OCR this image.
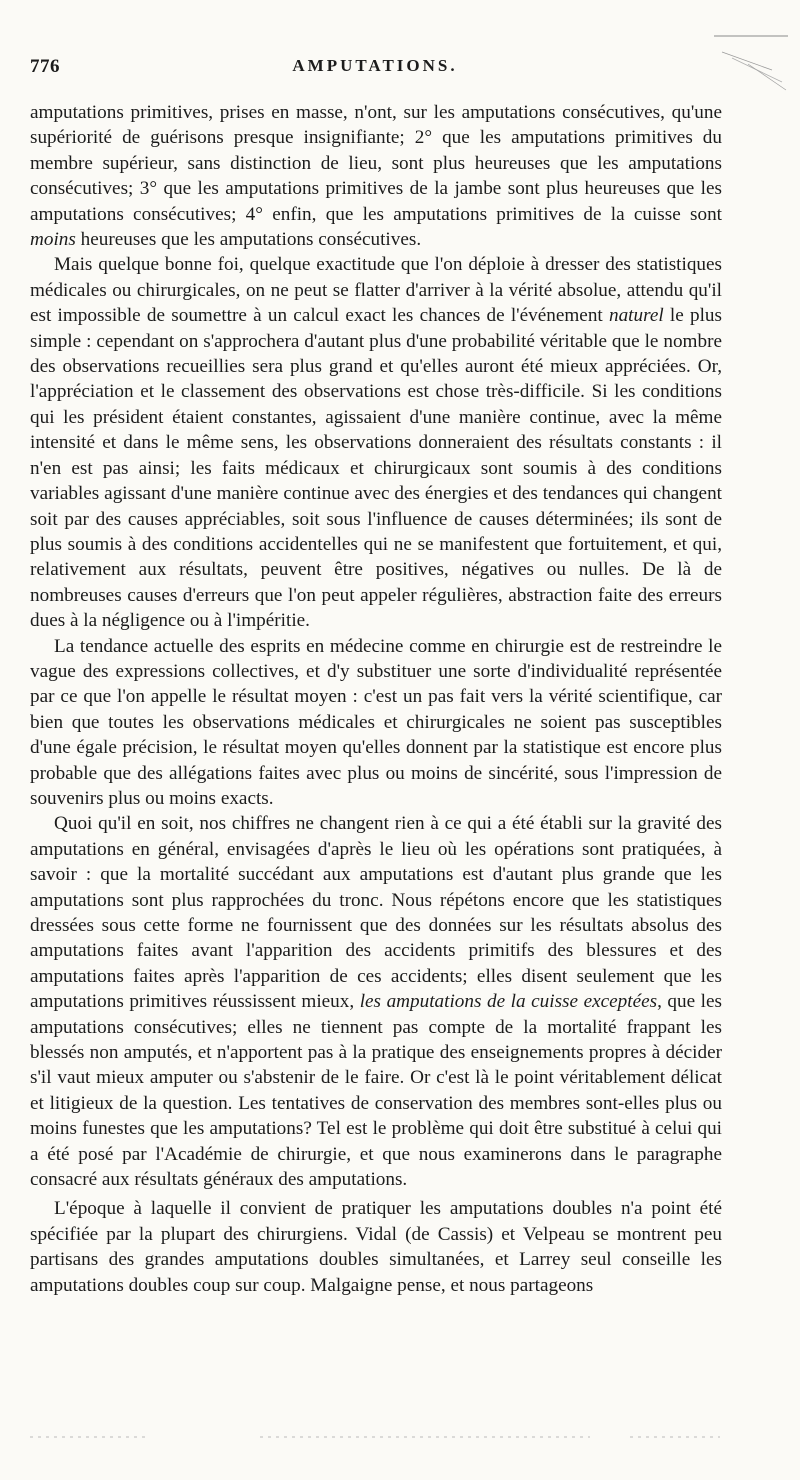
776	AMPUTATIONS.

amputations primitives, prises en masse, n'ont, sur les amputations consécutives, qu'une supériorité de guérisons presque insignifiante; 2° que les amputations primitives du membre supérieur, sans distinction de lieu, sont plus heureuses que les amputations consécutives; 3° que les amputations primitives de la jambe sont plus heureuses que les amputations consécutives; 4° enfin, que les amputations primitives de la cuisse sont moins heureuses que les amputations consécutives.

Mais quelque bonne foi, quelque exactitude que l'on déploie à dresser des statistiques médicales ou chirurgicales, on ne peut se flatter d'arriver à la vérité absolue, attendu qu'il est impossible de soumettre à un calcul exact les chances de l'événement naturel le plus simple : cependant on s'approchera d'autant plus d'une probabilité véritable que le nombre des observations recueillies sera plus grand et qu'elles auront été mieux appréciées. Or, l'appréciation et le classement des observations est chose très-difficile. Si les conditions qui les président étaient constantes, agissaient d'une manière continue, avec la même intensité et dans le même sens, les observations donneraient des résultats constants : il n'en est pas ainsi; les faits médicaux et chirurgicaux sont soumis à des conditions variables agissant d'une manière continue avec des énergies et des tendances qui changent soit par des causes appréciables, soit sous l'influence de causes déterminées; ils sont de plus soumis à des conditions accidentelles qui ne se manifestent que fortuitement, et qui, relativement aux résultats, peuvent être positives, négatives ou nulles. De là de nombreuses causes d'erreurs que l'on peut appeler régulières, abstraction faite des erreurs dues à la négligence ou à l'impéritie.

La tendance actuelle des esprits en médecine comme en chirurgie est de restreindre le vague des expressions collectives, et d'y substituer une sorte d'individualité représentée par ce que l'on appelle le résultat moyen : c'est un pas fait vers la vérité scientifique, car bien que toutes les observations médicales et chirurgicales ne soient pas susceptibles d'une égale précision, le résultat moyen qu'elles donnent par la statistique est encore plus probable que des allégations faites avec plus ou moins de sincérité, sous l'impression de souvenirs plus ou moins exacts.

Quoi qu'il en soit, nos chiffres ne changent rien à ce qui a été établi sur la gravité des amputations en général, envisagées d'après le lieu où les opérations sont pratiquées, à savoir : que la mortalité succédant aux amputations est d'autant plus grande que les amputations sont plus rapprochées du tronc. Nous répétons encore que les statistiques dressées sous cette forme ne fournissent que des données sur les résultats absolus des amputations faites avant l'apparition des accidents primitifs des blessures et des amputations faites après l'apparition de ces accidents; elles disent seulement que les amputations primitives réussissent mieux, les amputations de la cuisse exceptées, que les amputations consécutives; elles ne tiennent pas compte de la mortalité frappant les blessés non amputés, et n'apportent pas à la pratique des enseignements propres à décider s'il vaut mieux amputer ou s'abstenir de le faire. Or c'est là le point véritablement délicat et litigieux de la question. Les tentatives de conservation des membres sont-elles plus ou moins funestes que les amputations? Tel est le problème qui doit être substitué à celui qui a été posé par l'Académie de chirurgie, et que nous examinerons dans le paragraphe consacré aux résultats généraux des amputations.

L'époque à laquelle il convient de pratiquer les amputations doubles n'a point été spécifiée par la plupart des chirurgiens. Vidal (de Cassis) et Velpeau se montrent peu partisans des grandes amputations doubles simultanées, et Larrey seul conseille les amputations doubles coup sur coup. Malgaigne pense, et nous partageons
